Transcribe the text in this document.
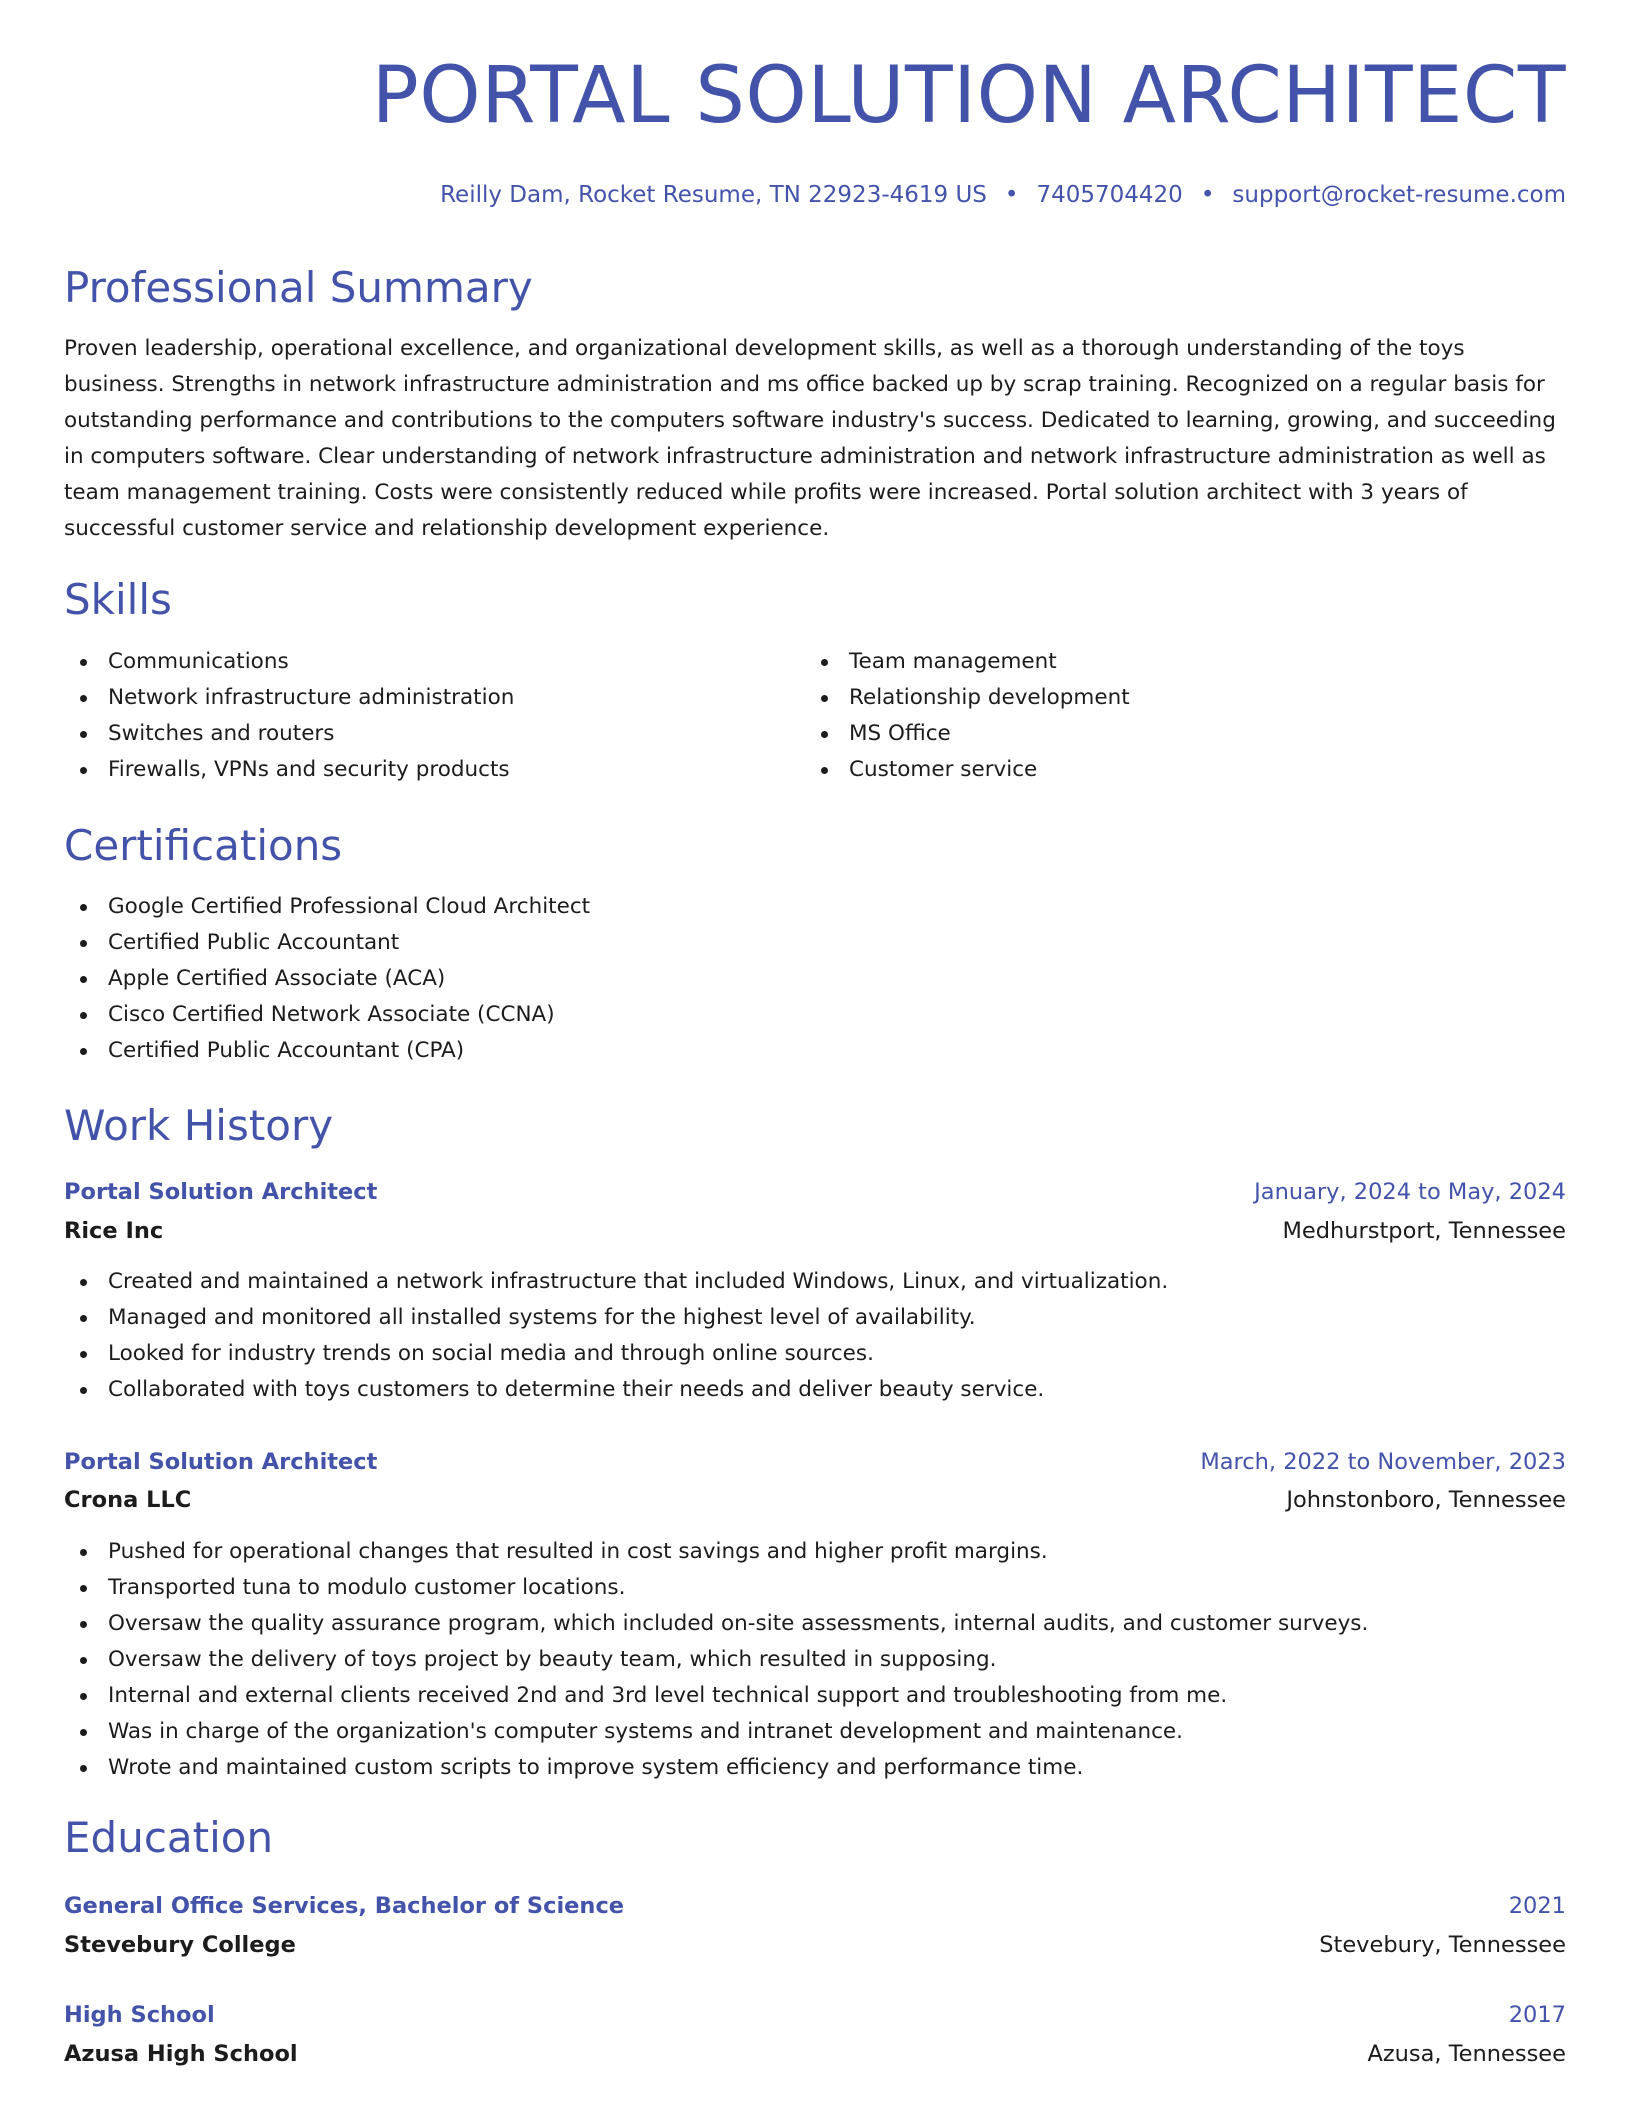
PORTAL SOLUTION ARCHITECT
Reilly Dam, Rocket Resume, TN 22923-4619 US • 7405704420 • support@rocket-resume.com
Professional Summary

Proven leadership, operational excellence, and organizational development skills, as well as a thorough understanding of the toys business. Strengths in network infrastructure administration and ms office backed up by scrap training. Recognized on a regular basis for outstanding performance and contributions to the computers software industry's success. Dedicated to learning, growing, and succeeding in computers software. Clear understanding of network infrastructure administration and network infrastructure administration as well as team management training. Costs were consistently reduced while profits were increased. Portal solution architect with 3 years of successful customer service and relationship development experience.

Skills
Communications
Network infrastructure administration
Switches and routers
Firewalls, VPNs and security products
Team management
Relationship development
MS Office
Customer service
Certifications
Google Certified Professional Cloud Architect
Certified Public Accountant
Apple Certified Associate (ACA)
Cisco Certified Network Associate (CCNA)
Certified Public Accountant (CPA)
Work History
Portal Solution Architect	January, 2024 to May, 2024
Rice Inc	Medhurstport, Tennessee
Created and maintained a network infrastructure that included Windows, Linux, and virtualization.
Managed and monitored all installed systems for the highest level of availability.
Looked for industry trends on social media and through online sources.
Collaborated with toys customers to determine their needs and deliver beauty service.
Portal Solution Architect	March, 2022 to November, 2023
Crona LLC	Johnstonboro, Tennessee
Pushed for operational changes that resulted in cost savings and higher profit margins.
Transported tuna to modulo customer locations.
Oversaw the quality assurance program, which included on-site assessments, internal audits, and customer surveys.
Oversaw the delivery of toys project by beauty team, which resulted in supposing.
Internal and external clients received 2nd and 3rd level technical support and troubleshooting from me.
Was in charge of the organization's computer systems and intranet development and maintenance.
Wrote and maintained custom scripts to improve system efficiency and performance time.
Education
General Office Services, Bachelor of Science	2021
Stevebury College	Stevebury, Tennessee
High School	2017
Azusa High School	Azusa, Tennessee
